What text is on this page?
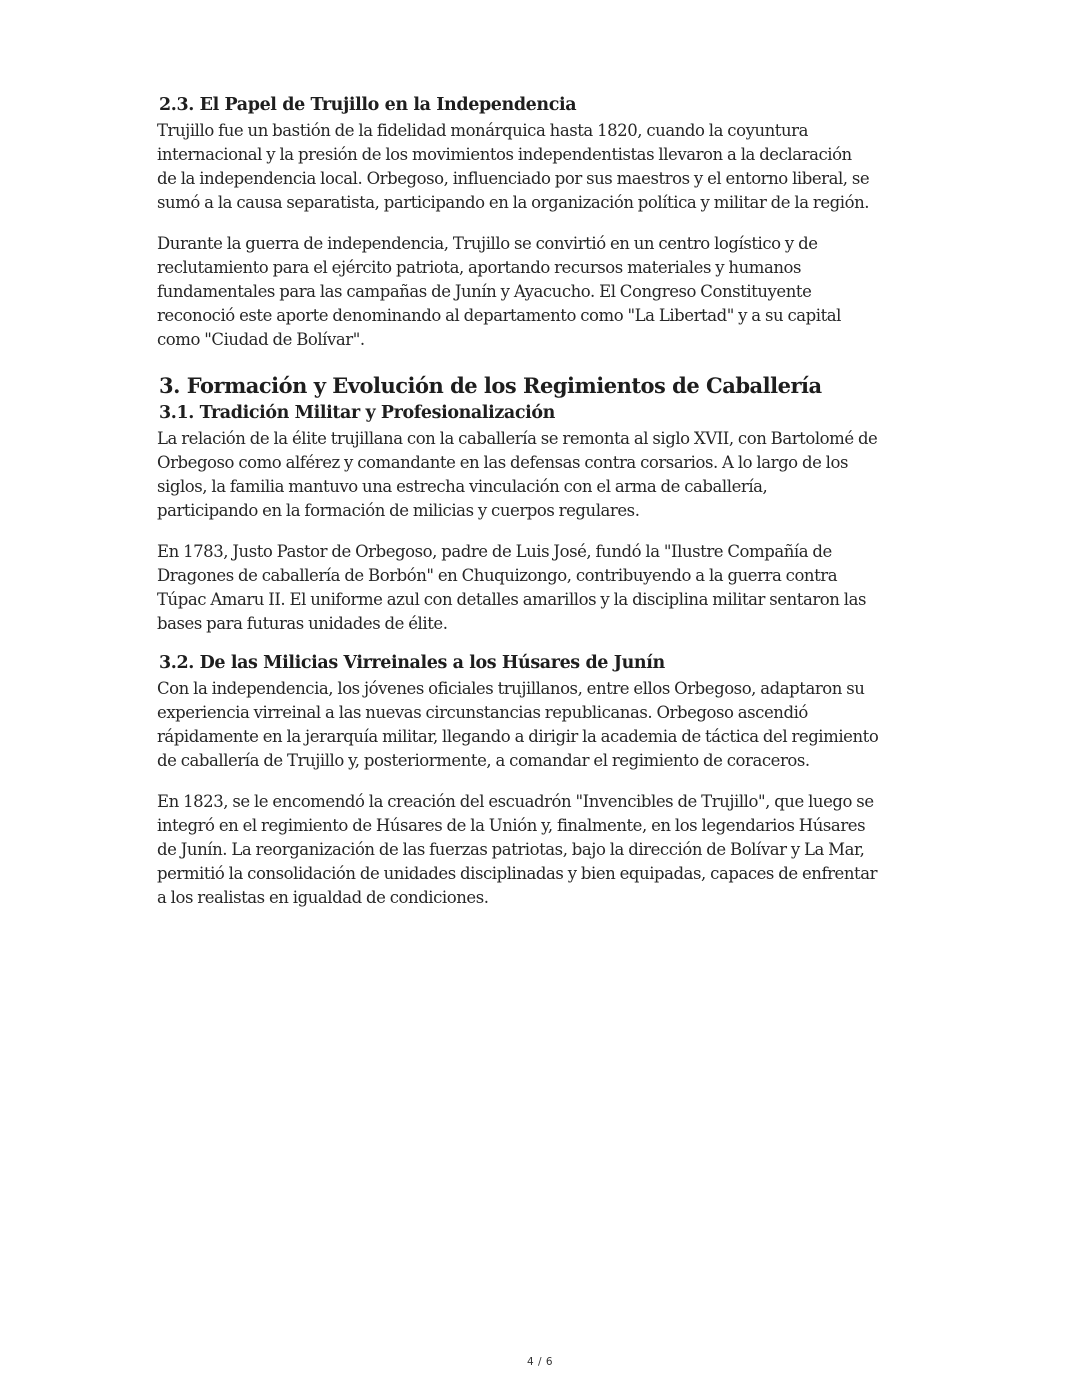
2.3. El Papel de Trujillo en la Independencia

Trujillo fue un bastión de la fidelidad monárquica hasta 1820, cuando la coyuntura
internacional y la presión de los movimientos independentistas llevaron a la declaración
de la independencia local. Orbegoso, influenciado por sus maestros y el entorno liberal, se
sumó a la causa separatista, participando en la organización política y militar de la región.

Durante la guerra de independencia, Trujillo se convirtió en un centro logístico y de
reclutamiento para el ejército patriota, aportando recursos materiales y humanos
fundamentales para las campañas de Junín y Ayacucho. El Congreso Constituyente
reconoció este aporte denominando al departamento como "La Libertad" y a su capital
como "Ciudad de Bolívar".

3. Formación y Evolución de los Regimientos de Caballería
3.1. Tradición Militar y Profesionalización

La relación de la élite trujillana con la caballería se remonta al siglo XVII, con Bartolomé de
Orbegoso como alférez y comandante en las defensas contra corsarios. A lo largo de los
siglos, la familia mantuvo una estrecha vinculación con el arma de caballería,
participando en la formación de milicias y cuerpos regulares.

En 1783, Justo Pastor de Orbegoso, padre de Luis José, fundó la "Ilustre Compañía de
Dragones de caballería de Borbón" en Chuquizongo, contribuyendo a la guerra contra
Túpac Amaru II. El uniforme azul con detalles amarillos y la disciplina militar sentaron las
bases para futuras unidades de élite.

3.2. De las Milicias Virreinales a los Húsares de Junín

Con la independencia, los jóvenes oficiales trujillanos, entre ellos Orbegoso, adaptaron su
experiencia virreinal a las nuevas circunstancias republicanas. Orbegoso ascendió
rápidamente en la jerarquía militar, llegando a dirigir la academia de táctica del regimiento
de caballería de Trujillo y, posteriormente, a comandar el regimiento de coraceros.

En 1823, se le encomendó la creación del escuadrón "Invencibles de Trujillo", que luego se
integró en el regimiento de Húsares de la Unión y, finalmente, en los legendarios Húsares
de Junín. La reorganización de las fuerzas patriotas, bajo la dirección de Bolívar y La Mar,
permitió la consolidación de unidades disciplinadas y bien equipadas, capaces de enfrentar
a los realistas en igualdad de condiciones.

4 / 6
